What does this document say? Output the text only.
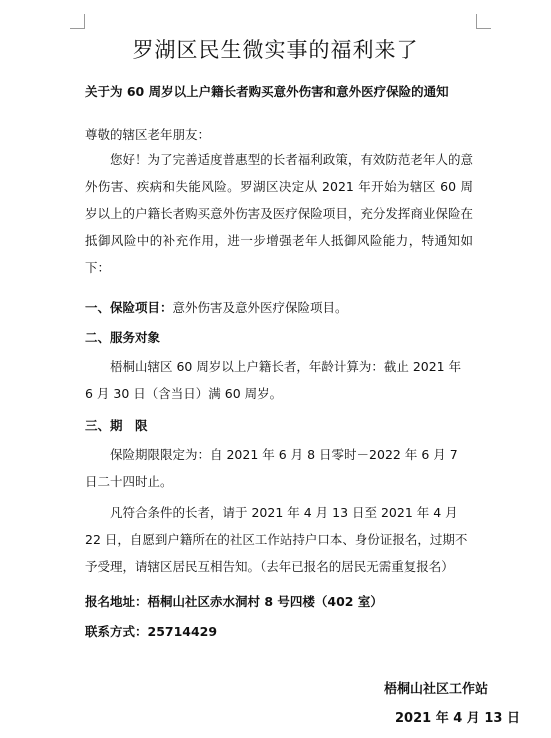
罗湖区民生微实事的福利来了
关于为 60 周岁以上户籍长者购买意外伤害和意外医疗保险的通知
尊敬的辖区老年朋友：
您好！为了完善适度普惠型的长者福利政策，有效防范老年人的意外伤害、疾病和失能风险。罗湖区决定从 2021 年开始为辖区 60 周岁以上的户籍长者购买意外伤害及医疗保险项目，充分发挥商业保险在抵御风险中的补充作用，进一步增强老年人抵御风险能力，特通知如下：
一、保险项目：意外伤害及意外医疗保险项目。
二、服务对象
梧桐山辖区 60 周岁以上户籍长者，年龄计算为：截止 2021 年 6 月 30 日（含当日）满 60 周岁。
三、期　限
保险期限限定为：自 2021 年 6 月 8 日零时－2022 年 6 月 7 日二十四时止。
凡符合条件的长者，请于 2021 年 4 月 13 日至 2021 年 4 月 22 日，自愿到户籍所在的社区工作站持户口本、身份证报名，过期不予受理，请辖区居民互相告知。（去年已报名的居民无需重复报名）
报名地址：梧桐山社区赤水洞村 8 号四楼（402 室）
联系方式：25714429
梧桐山社区工作站
2021 年 4 月 13 日
